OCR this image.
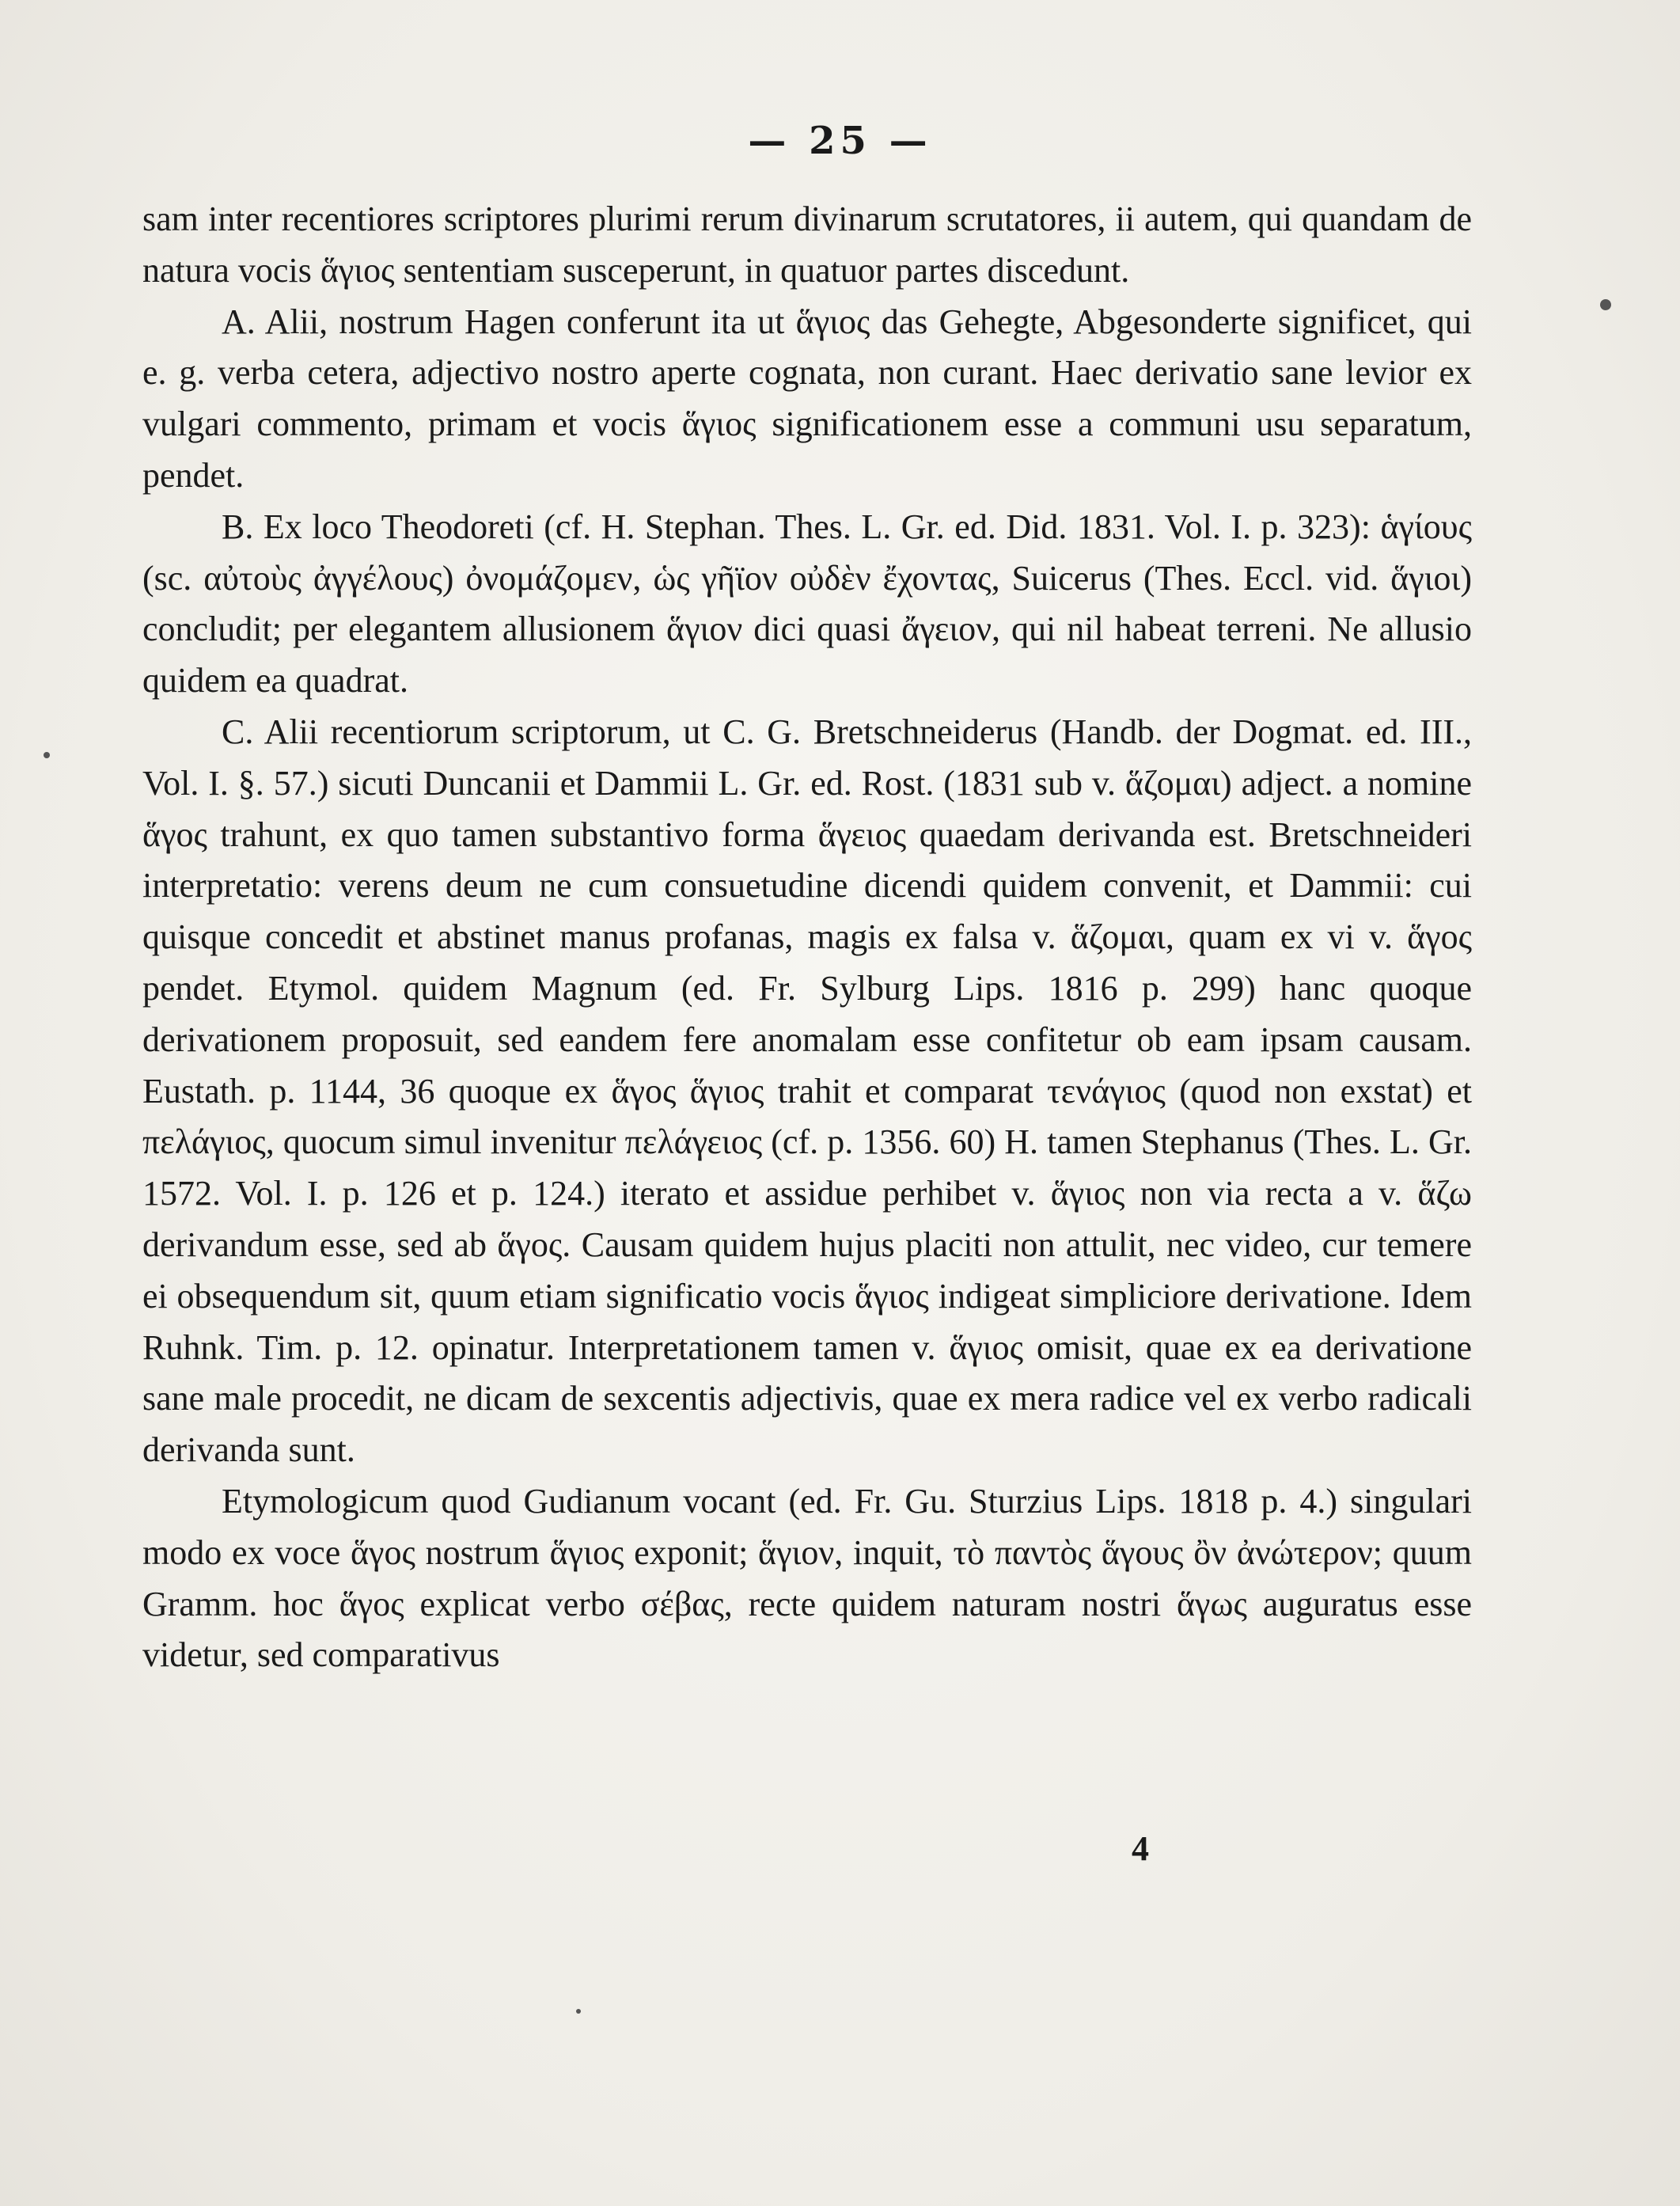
— 25 —

sam inter recentiores scriptores plurimi rerum divinarum scrutatores, ii autem, qui quandam de natura vocis ἅγιος sententiam susceperunt, in quatuor partes discedunt.

A. Alii, nostrum Hagen conferunt ita ut ἅγιος das Gehegte, Abgesonderte significet, qui e. g. verba cetera, adjectivo nostro aperte cognata, non curant. Haec derivatio sane levior ex vulgari commento, primam et vocis ἅγιος significationem esse a communi usu separatum, pendet.

B. Ex loco Theodoreti (cf. H. Stephan. Thes. L. Gr. ed. Did. 1831. Vol. I. p. 323): ἁγίους (sc. αὐτοὺς ἀγγέλους) ὀνομάζομεν, ὡς γῆϊον οὐδὲν ἔχοντας, Suicerus (Thes. Eccl. vid. ἅγιοι) concludit; per elegantem allusionem ἅγιον dici quasi ἄγειον, qui nil habeat terreni. Ne allusio quidem ea quadrat.

C. Alii recentiorum scriptorum, ut C. G. Bretschneiderus (Handb. der Dogmat. ed. III., Vol. I. §. 57.) sicuti Duncanii et Dammii L. Gr. ed. Rost. (1831 sub v. ἅζομαι) adject. a nomine ἅγος trahunt, ex quo tamen substantivo forma ἅγειος quaedam derivanda est. Bretschneideri interpretatio: verens deum ne cum consuetudine dicendi quidem convenit, et Dammii: cui quisque concedit et abstinet manus profanas, magis ex falsa v. ἅζομαι, quam ex vi v. ἅγος pendet. Etymol. quidem Magnum (ed. Fr. Sylburg Lips. 1816 p. 299) hanc quoque derivationem proposuit, sed eandem fere anomalam esse confitetur ob eam ipsam causam. Eustath. p. 1144, 36 quoque ex ἅγος ἅγιος trahit et comparat τενάγιος (quod non exstat) et πελάγιος, quocum simul invenitur πελάγειος (cf. p. 1356. 60) H. tamen Stephanus (Thes. L. Gr. 1572. Vol. I. p. 126 et p. 124.) iterato et assidue perhibet v. ἅγιος non via recta a v. ἅζω derivandum esse, sed ab ἅγος. Causam quidem hujus placiti non attulit, nec video, cur temere ei obsequendum sit, quum etiam significatio vocis ἅγιος indigeat simpliciore derivatione. Idem Ruhnk. Tim. p. 12. opinatur. Interpretationem tamen v. ἅγιος omisit, quae ex ea derivatione sane male procedit, ne dicam de sexcentis adjectivis, quae ex mera radice vel ex verbo radicali derivanda sunt.

Etymologicum quod Gudianum vocant (ed. Fr. Gu. Sturzius Lips. 1818 p. 4.) singulari modo ex voce ἅγος nostrum ἅγιος exponit; ἅγιον, inquit, τὸ παντὸς ἅγους ὂν ἀνώτερον; quum Gramm. hoc ἅγος explicat verbo σέβας, recte quidem naturam nostri ἅγως auguratus esse videtur, sed comparativus

4
